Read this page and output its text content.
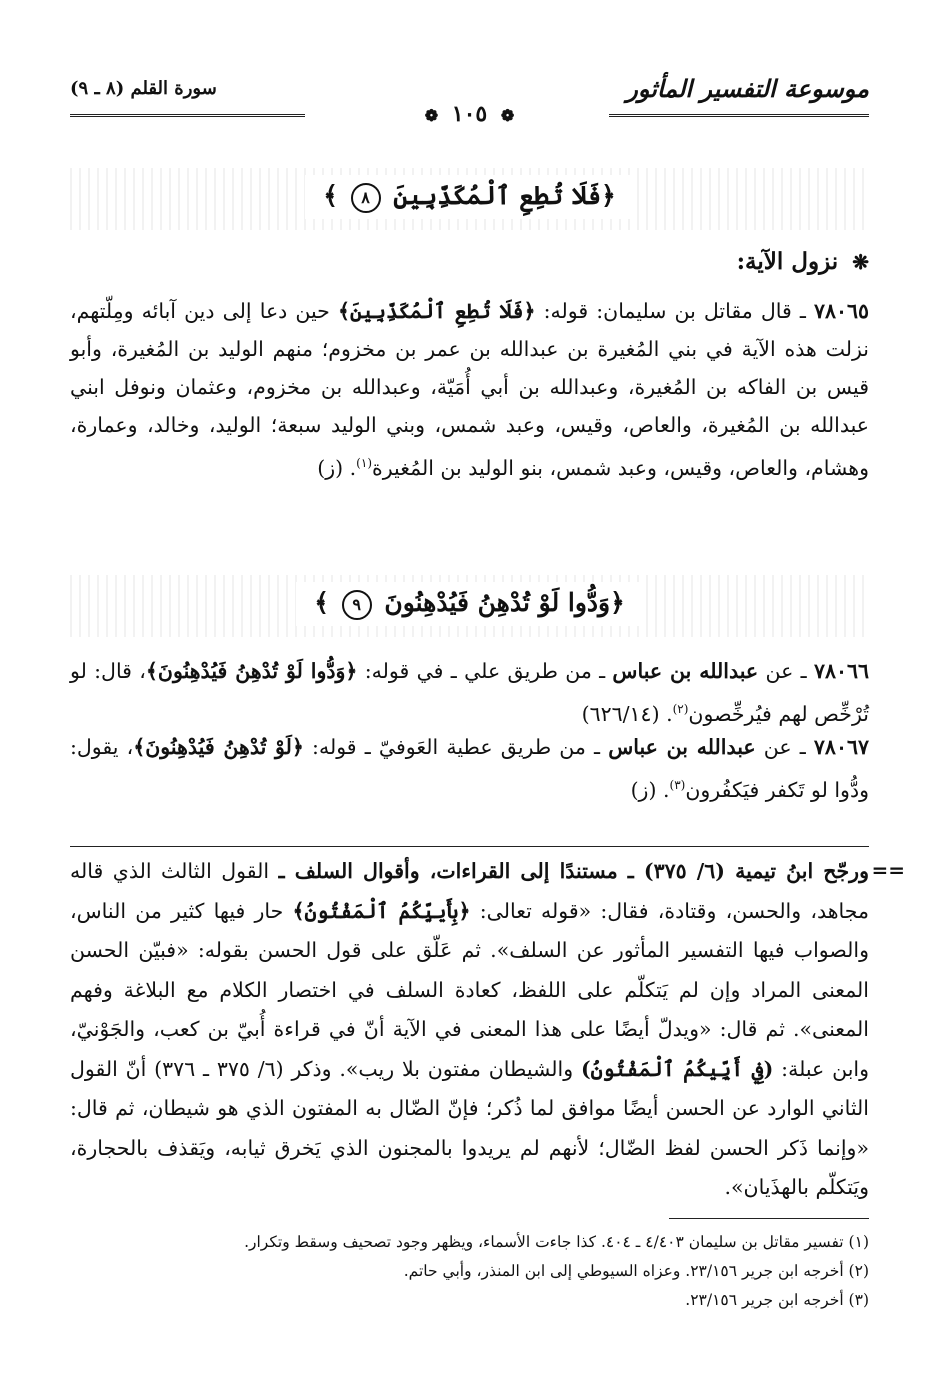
موسوعة التفسير المأثور
سورة القلم (٨ ـ ٩)
❁ ١٠٥ ❁
﴿فَلَا تُطِعِ ٱلْمُكَذِّبِينَ ٨ ﴾
❋ نزول الآية:
٧٨٠٦٥ ـ قال مقاتل بن سليمان: قوله: ﴿فَلَا تُطِعِ ٱلْمُكَذِّبِينَ﴾ حين دعا إلى دين آبائه ومِلّتهم، نزلت هذه الآية في بني المُغيرة بن عبدالله بن عمر بن مخزوم؛ منهم الوليد بن المُغيرة، وأبو قيس بن الفاكه بن المُغيرة، وعبدالله بن أبي أُمَيّة، وعبدالله بن مخزوم، وعثمان ونوفل ابني عبدالله بن المُغيرة، والعاص، وقيس، وعبد شمس، وبني الوليد سبعة؛ الوليد، وخالد، وعمارة، وهشام، والعاص، وقيس، وعبد شمس، بنو الوليد بن المُغيرة$^{(١)}$. (ز)
﴿وَدُّوا لَوْ تُدْهِنُ فَيُدْهِنُونَ ٩ ﴾
٧٨٠٦٦ ـ عن عبدالله بن عباس ـ من طريق علي ـ في قوله: ﴿وَدُّوا لَوْ تُدْهِنُ فَيُدْهِنُونَ﴾، قال: لو تُرْخِّص لهم فيُرخِّصون$^{(٢)}$. (٦٢٦/١٤)
٧٨٠٦٧ ـ عن عبدالله بن عباس ـ من طريق عطية العَوفيّ ـ قوله: ﴿لَوْ تُدْهِنُ فَيُدْهِنُونَ﴾، يقول: ودُّوا لو تَكفر فيَكفُرون$^{(٣)}$. (ز)
==
ورجّح ابنُ تيمية (٦/ ٣٧٥) ـ مستندًا إلى القراءات، وأقوال السلف ـ القول الثالث الذي قاله مجاهد، والحسن، وقتادة، فقال: «قوله تعالى: ﴿بِأَييِّكُمُ ٱلْمَفْتُونُ﴾ حار فيها كثير من الناس، والصواب فيها التفسير المأثور عن السلف». ثم عَلّق على قول الحسن بقوله: «فبيّن الحسن المعنى المراد وإن لم يَتكلّم على اللفظ، كعادة السلف في اختصار الكلام مع البلاغة وفهم المعنى». ثم قال: «ويدلّ أيضًا على هذا المعنى في الآية أنّ في قراءة أُبيّ بن كعب، والجَوْنيّ، وابن عبلة: (فِي أَيِّيكُمُ ٱلْمَفْتُونُ) والشيطان مفتون بلا ريب». وذكر (٦/ ٣٧٥ ـ ٣٧٦) أنّ القول الثاني الوارد عن الحسن أيضًا موافق لما ذُكر؛ فإنّ الضّال به المفتون الذي هو شيطان، ثم قال: «وإنما ذَكر الحسن لفظ الضّال؛ لأنهم لم يريدوا بالمجنون الذي يَخرق ثيابه، ويَقذف بالحجارة، ويَتكلّم بالهذَيان».
(١) تفسير مقاتل بن سليمان ٤/٤٠٣ ـ ٤٠٤. كذا جاءت الأسماء، ويظهر وجود تصحيف وسقط وتكرار.
(٢) أخرجه ابن جرير ٢٣/١٥٦. وعزاه السيوطي إلى ابن المنذر، وأبي حاتم.
(٣) أخرجه ابن جرير ٢٣/١٥٦.
